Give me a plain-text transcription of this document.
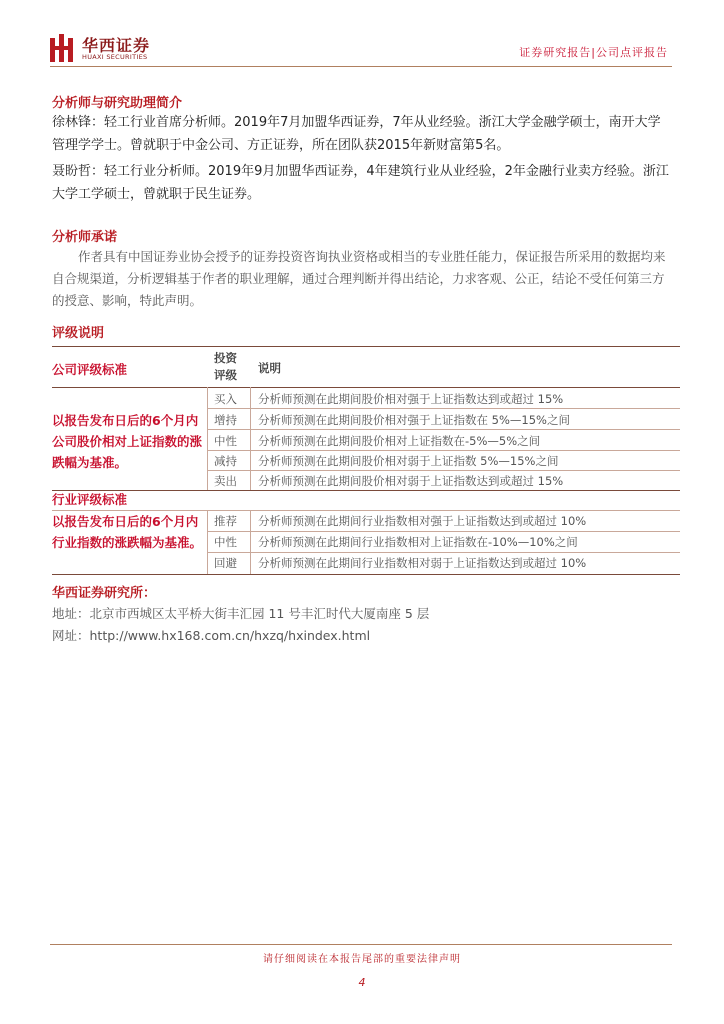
华西证券
HUAXI SECURITIES	证券研究报告|公司点评报告
分析师与研究助理简介
徐林锋：轻工行业首席分析师。2019年7月加盟华西证券，7年从业经验。浙江大学金融学硕士，南开大学管理学学士。曾就职于中金公司、方正证券，所在团队获2015年新财富第5名。
聂盼哲：轻工行业分析师。2019年9月加盟华西证券，4年建筑行业从业经验，2年金融行业卖方经验。浙江大学工学硕士，曾就职于民生证券。
分析师承诺
作者具有中国证券业协会授予的证券投资咨询执业资格或相当的专业胜任能力，保证报告所采用的数据均来自合规渠道，分析逻辑基于作者的职业理解，通过合理判断并得出结论，力求客观、公正，结论不受任何第三方的授意、影响，特此声明。
评级说明
公司评级标准
投资评级 说明
以报告发布日后的6个月内公司股价相对上证指数的涨跌幅为基准。
买入 分析师预测在此期间股价相对强于上证指数达到或超过 15%
增持 分析师预测在此期间股价相对强于上证指数在 5%—15%之间
中性 分析师预测在此期间股价相对上证指数在-5%—5%之间
减持 分析师预测在此期间股价相对弱于上证指数 5%—15%之间
卖出 分析师预测在此期间股价相对弱于上证指数达到或超过 15%
行业评级标准
以报告发布日后的6个月内行业指数的涨跌幅为基准。
推荐 分析师预测在此期间行业指数相对强于上证指数达到或超过 10%
中性 分析师预测在此期间行业指数相对上证指数在-10%—10%之间
回避 分析师预测在此期间行业指数相对弱于上证指数达到或超过 10%
华西证券研究所：
地址：北京市西城区太平桥大街丰汇园 11 号丰汇时代大厦南座 5 层
网址：http://www.hx168.com.cn/hxzq/hxindex.html
请仔细阅读在本报告尾部的重要法律声明
4
